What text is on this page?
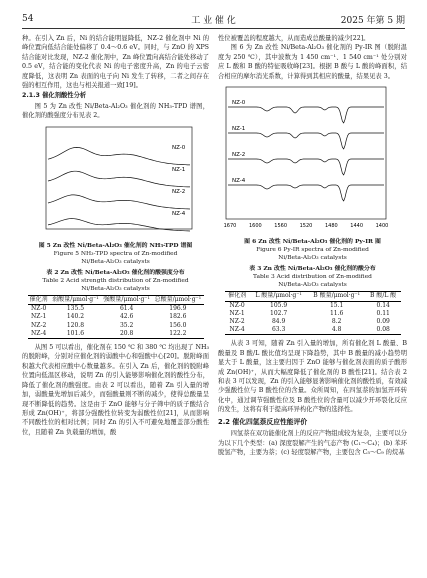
54	工 业 催 化	2025 年第 5 期

种。在引入 Zn 后，Ni 的结合能明显降低，NZ-2 催化剂中 Ni 的峰位置向低结合能处偏移了 0.4～0.6 eV。同时，与 ZnO 的 XPS 结合能对比发现，NZ-2 催化剂中，Zn 峰位置向高结合能处移动了 0.5 eV，结合能的变化代表 Ni 的电子密度升高，Zn 的电子云密度降低，这表明 Zn 表面的电子向 Ni 发生了转移，二者之间存在强的相互作用，这也与相关报道一致[19]。

2.1.3 催化剂酸性分析

图 5 为 Zn 改性 Ni/Beta-Al₂O₃ 催化剂的 NH₃-TPD 谱图，催化剂的酸强度分布见表 2。

NZ-0
NZ-1
NZ-2
NZ-4
图 5 Zn 改性 Ni/Beta-Al₂O₃ 催化剂的 NH₃-TPD 谱图
Figure 5 NH₃-TPD spectra of Zn-modified
Ni/Beta-Al₂O₃ catalysts
表 2 Zn 改性 Ni/Beta-Al₂O₃ 催化剂的酸强度分布
Table 2 Acid strength distribution of Zn-modified
Ni/Beta-Al₂O₃ catalysts
催化剂	弱酸量/μmol·g⁻¹	强酸量/μmol·g⁻¹	总酸量/μmol·g⁻¹
NZ-0	135.5	61.4	196.9
NZ-1	140.2	42.6	182.6
NZ-2	120.8	35.2	156.0
NZ-4	101.6	20.8	122.2

从图 5 可以看出，催化剂在 150 ℃ 和 380 ℃ 均出现了 NH₃ 的脱附峰，分别对应催化剂的弱酸中心和强酸中心[20]。脱附峰面积越大代表相应酸中心数量越多。在引入 Zn 后，催化剂的脱附峰位置向低温区移动，说明 Zn 的引入能够影响催化剂的酸性分布，降低了催化剂的酸强度。由表 2 可以看出，随着 Zn 引入量的增加，弱酸量先增加后减少，而强酸量则不断的减少，使得总酸量呈现不断降低的趋势。这是由于 ZnO 能够与分子筛中的质子酸结合形成 Zn(OH)⁺，将部分强酸性位转变为弱酸性位[21]，从而影响不同酸性位的相对比例；同时 Zn 的引入不可避免地覆盖部分酸性位，且随着 Zn 负载量的增加，酸

性位被覆盖的程度越大，从而造成总酸量的减少[22]。

图 6 为 Zn 改性 Ni/Beta-Al₂O₃ 催化剂的 Py-IR 图（脱附温度为 250 ℃），其中波数为 1 450 cm⁻¹、1 540 cm⁻¹ 处分别对应 L 酸和 B 酸的特征吸收峰[23]。根据 B 酸与 L 酸的峰面积，结合相应的摩尔消光系数，计算得到其相应的酸量，结果见表 3。

NZ-0
NZ-1
NZ-2
NZ-4
1670	1600	1560	1520	1480	1440	1400
图 6 Zn 改性 Ni/Beta-Al₂O₃ 催化剂的 Py-IR 图
Figure 6 Py-IR spectra of Zn-modified
Ni/Beta-Al₂O₃ catalysts
表 3 Zn 改性 Ni/Beta-Al₂O₃ 催化剂的酸分布
Table 3 Acid distribution of Zn-modified
Ni/Beta-Al₂O₃ catalysts
催化剂	L 酸量/μmol·g⁻¹	B 酸量/μmol·g⁻¹	B 酸/L 酸
NZ-0	105.9	15.1	0.14
NZ-1	102.7	11.6	0.11
NZ-2	84.9	8.2	0.09
NZ-4	63.3	4.8	0.08

从表 3 可知，随着 Zn 引入量的增加，所有催化剂 L 酸量、B 酸量及 B 酸/L 酸比值均呈现下降趋势，其中 B 酸量的减小趋势明显大于 L 酸量，这主要归因于 ZnO 能够与催化剂表面的质子酸形成 Zn(OH)⁺，从而大幅度降低了催化剂的 B 酸性[21]。结合表 2 和表 3 可以发现，Zn 的引入能够显著影响催化剂的酸性质，有效减少强酸性位与 B 酸性位的含量。众所周知，在四氢萘的加氢开环转化中，通过调节强酸性位及 B 酸性位的含量可以减少开环裂化反应的发生，这将有利于提高环异构化产物的选择性。

2.2 催化四氢萘反应性能评价

四氢萘在双功能催化剂上的反应产物组成较为复杂，主要可以分为以下几个类型：(a) 深度裂解产生的气态产物 (C₁～C₄)；(b) 苯环脱氢产物，主要为萘；(c) 轻度裂解产物，主要包含 C₅～C₉ 的烷基
